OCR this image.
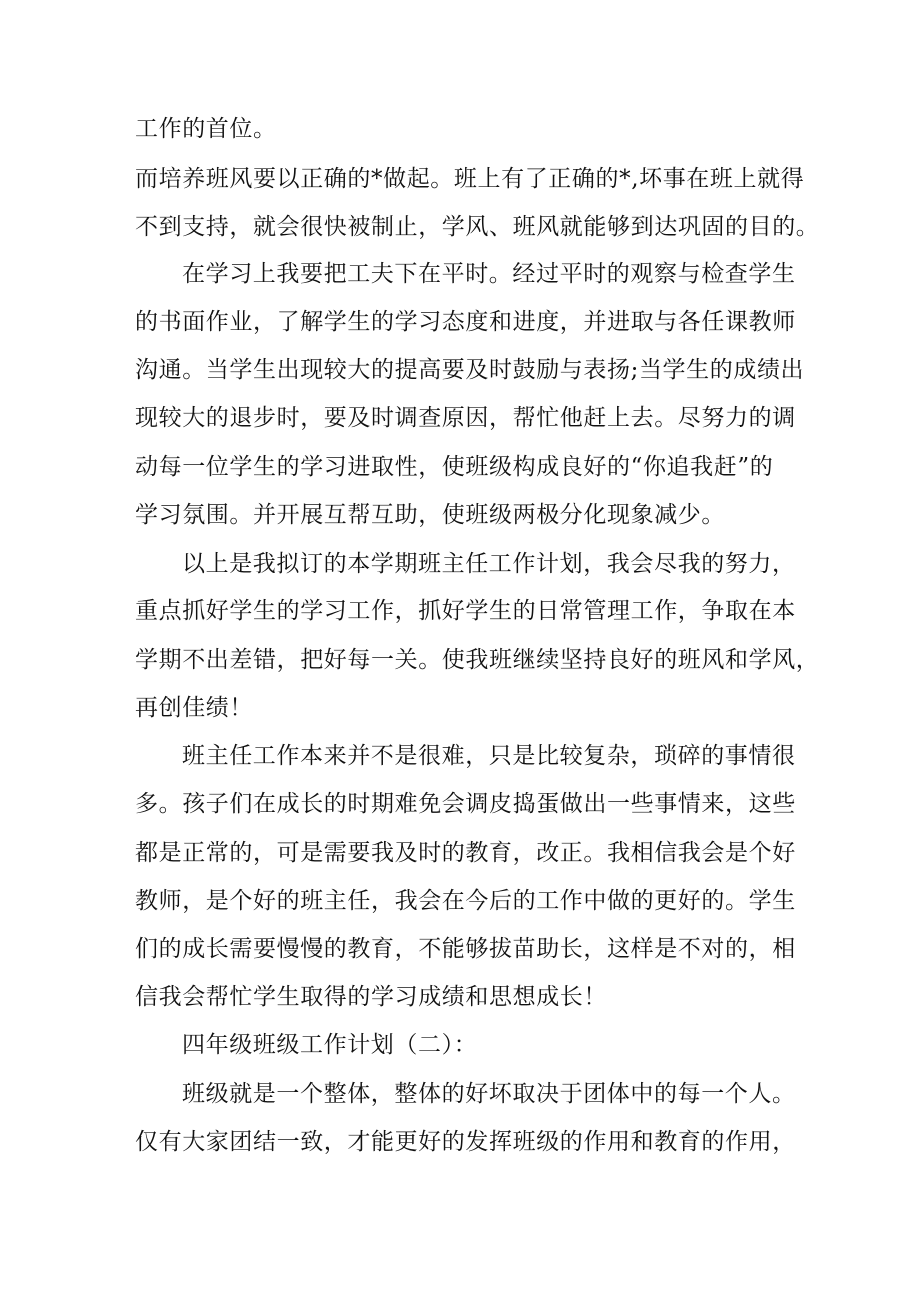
工作的首位。
而培养班风要以正确的*做起。班上有了正确的*,坏事在班上就得
不到支持，就会很快被制止，学风、班风就能够到达巩固的目的。
在学习上我要把工夫下在平时。经过平时的观察与检查学生
的书面作业，了解学生的学习态度和进度，并进取与各任课教师
沟通。当学生出现较大的提高要及时鼓励与表扬;当学生的成绩出
现较大的退步时，要及时调查原因，帮忙他赶上去。尽努力的调
动每一位学生的学习进取性，使班级构成良好的“你追我赶”的
学习氛围。并开展互帮互助，使班级两极分化现象减少。
以上是我拟订的本学期班主任工作计划，我会尽我的努力，
重点抓好学生的学习工作，抓好学生的日常管理工作，争取在本
学期不出差错，把好每一关。使我班继续坚持良好的班风和学风，
再创佳绩！
班主任工作本来并不是很难，只是比较复杂，琐碎的事情很
多。孩子们在成长的时期难免会调皮捣蛋做出一些事情来，这些
都是正常的，可是需要我及时的教育，改正。我相信我会是个好
教师，是个好的班主任，我会在今后的工作中做的更好的。学生
们的成长需要慢慢的教育，不能够拔苗助长，这样是不对的，相
信我会帮忙学生取得的学习成绩和思想成长！
四年级班级工作计划（二）：
班级就是一个整体，整体的好坏取决于团体中的每一个人。
仅有大家团结一致，才能更好的发挥班级的作用和教育的作用，
